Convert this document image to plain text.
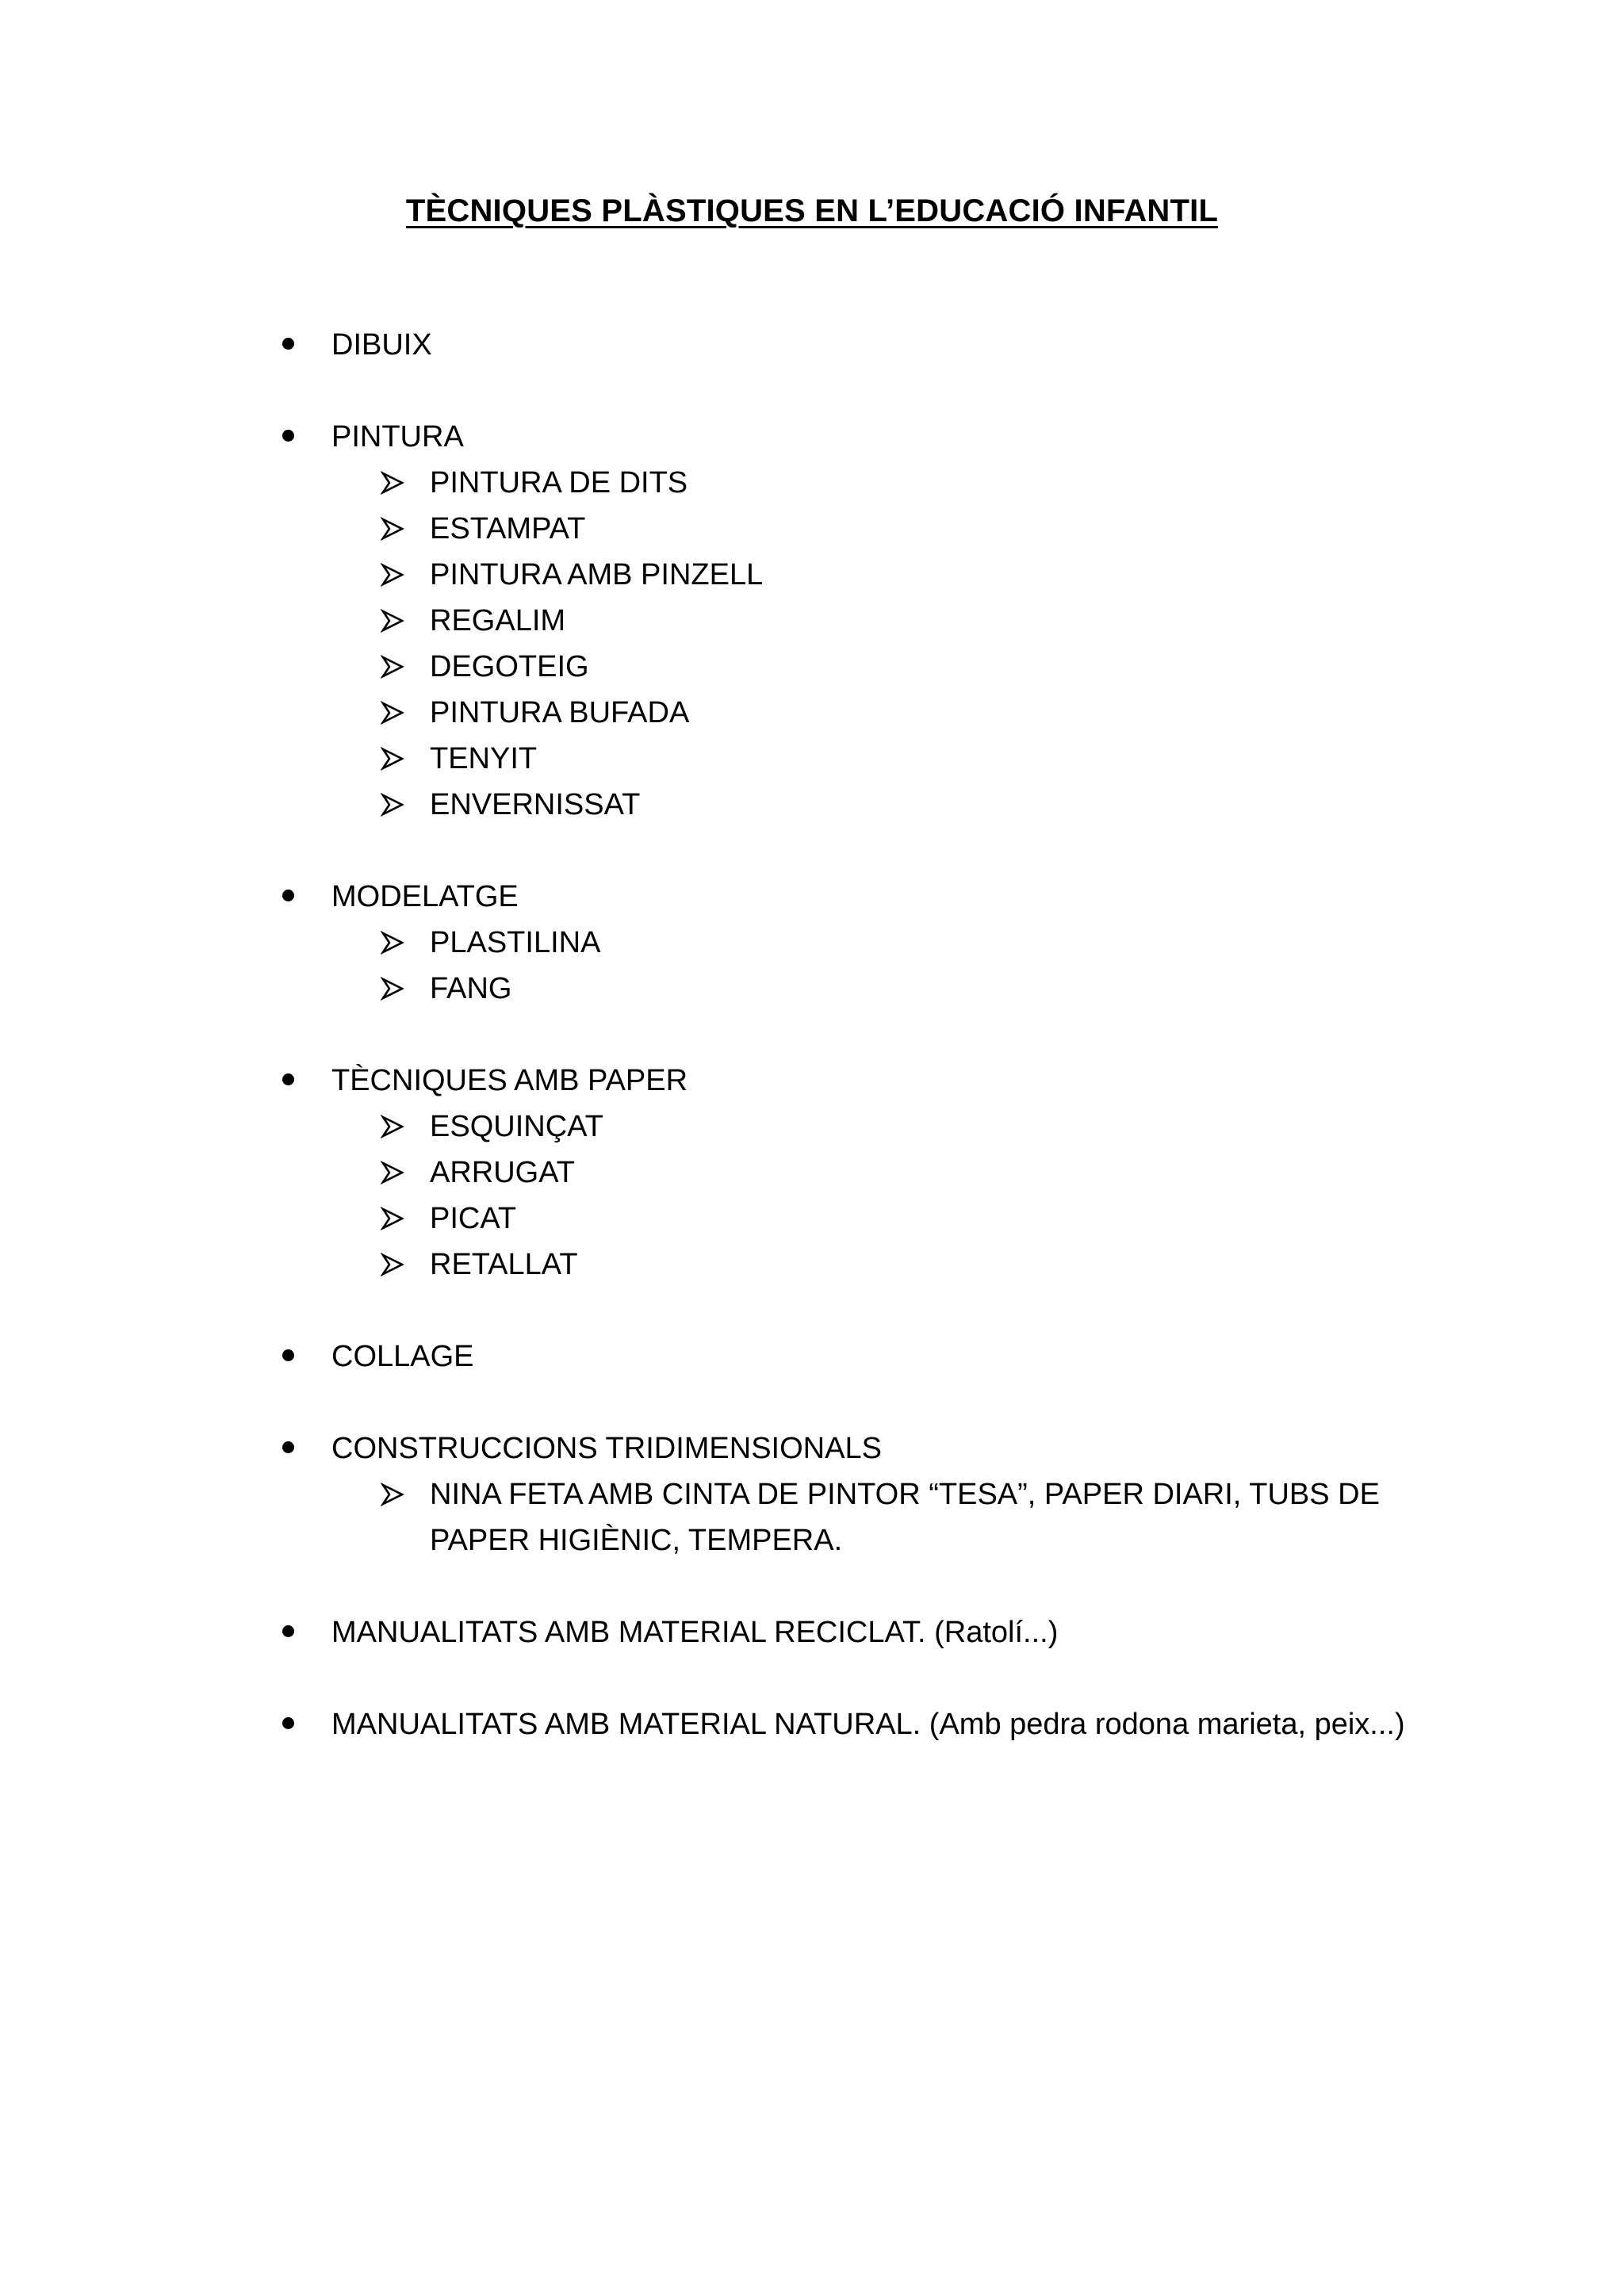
TÈCNIQUES PLÀSTIQUES EN L’EDUCACIÓ INFANTIL
DIBUIX
PINTURA
PINTURA DE DITS
ESTAMPAT
PINTURA AMB PINZELL
REGALIM
DEGOTEIG
PINTURA BUFADA
TENYIT
ENVERNISSAT
MODELATGE
PLASTILINA
FANG
TÈCNIQUES AMB PAPER
ESQUINÇAT
ARRUGAT
PICAT
RETALLAT
COLLAGE
CONSTRUCCIONS TRIDIMENSIONALS
NINA FETA AMB CINTA DE PINTOR “TESA”, PAPER DIARI, TUBS DE PAPER HIGIÈNIC, TEMPERA.
MANUALITATS AMB MATERIAL RECICLAT. (Ratolí...)
MANUALITATS AMB MATERIAL NATURAL. (Amb pedra rodona marieta, peix...)
